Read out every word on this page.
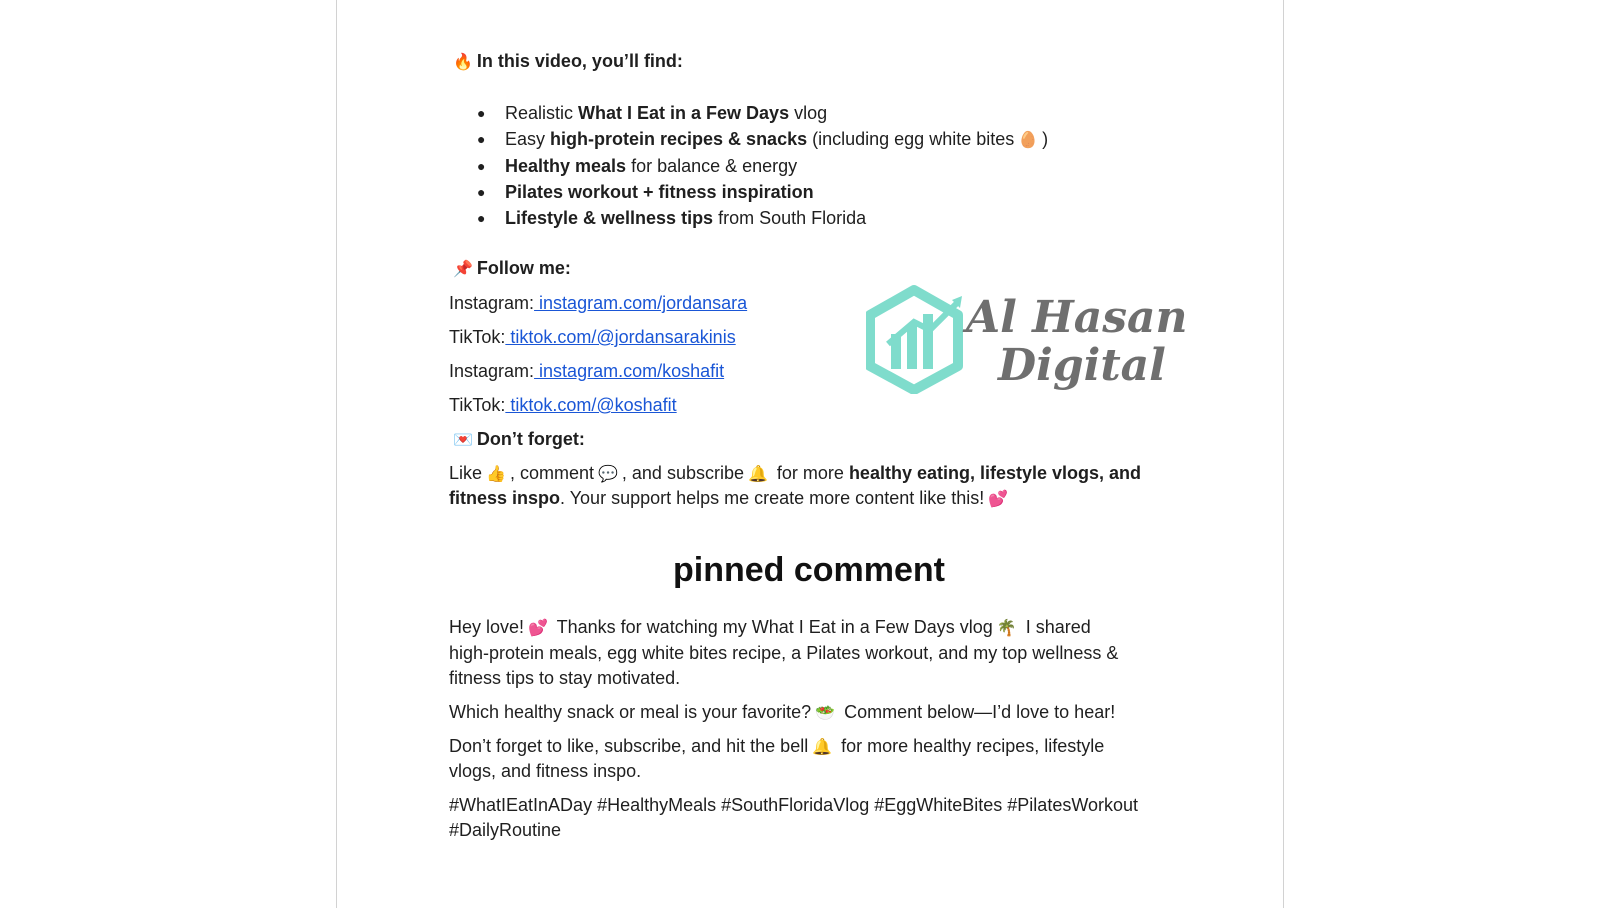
🔥 In this video, you’ll find:
● Realistic What I Eat in a Few Days vlog
● Easy high-protein recipes & snacks (including egg white bites 🥚 )
● Healthy meals for balance & energy
● Pilates workout + fitness inspiration
● Lifestyle & wellness tips from South Florida
📌 Follow me:
Instagram: instagram.com/jordansara
TikTok: tiktok.com/@jordansarakinis
Instagram: instagram.com/koshafit
TikTok: tiktok.com/@koshafit
💌 Don’t forget:
Like 👍 , comment 💬 , and subscribe 🔔 for more healthy eating, lifestyle vlogs, and
fitness inspo. Your support helps me create more content like this! 💕
pinned comment
Hey love! 💕 Thanks for watching my What I Eat in a Few Days vlog 🌴 I shared
high-protein meals, egg white bites recipe, a Pilates workout, and my top wellness &
fitness tips to stay motivated.
Which healthy snack or meal is your favorite? 🥗 Comment below—I’d love to hear!
Don’t forget to like, subscribe, and hit the bell 🔔 for more healthy recipes, lifestyle
vlogs, and fitness inspo.
#WhatIEatInADay #HealthyMeals #SouthFloridaVlog #EggWhiteBites #PilatesWorkout
#DailyRoutine
Al Hasan
Digital
